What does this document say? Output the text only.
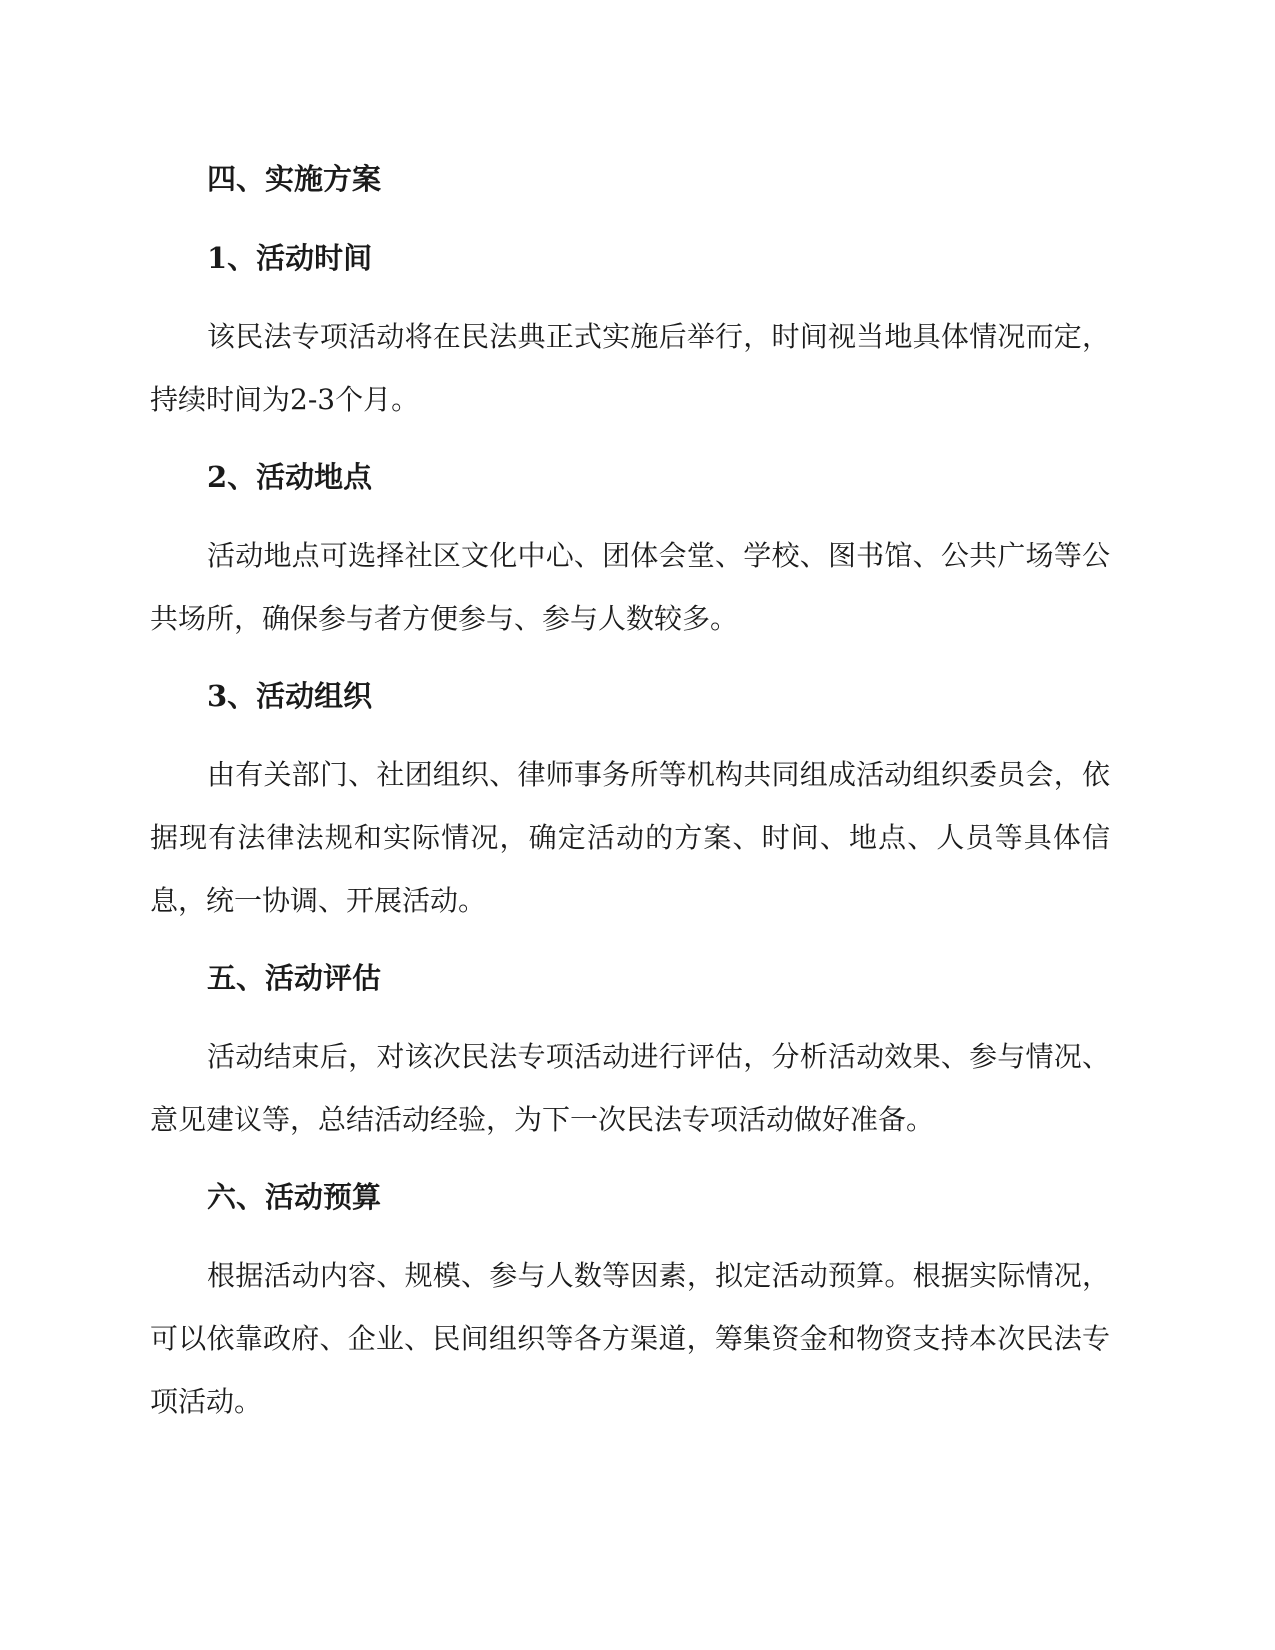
四、实施方案
1、活动时间

该民法专项活动将在民法典正式实施后举行，时间视当地具体情况而定，持续时间为2-3个月。

2、活动地点

活动地点可选择社区文化中心、团体会堂、学校、图书馆、公共广场等公共场所，确保参与者方便参与、参与人数较多。

3、活动组织

由有关部门、社团组织、律师事务所等机构共同组成活动组织委员会，依据现有法律法规和实际情况，确定活动的方案、时间、地点、人员等具体信息，统一协调、开展活动。

五、活动评估

活动结束后，对该次民法专项活动进行评估，分析活动效果、参与情况、意见建议等，总结活动经验，为下一次民法专项活动做好准备。

六、活动预算

根据活动内容、规模、参与人数等因素，拟定活动预算。根据实际情况，可以依靠政府、企业、民间组织等各方渠道，筹集资金和物资支持本次民法专项活动。
